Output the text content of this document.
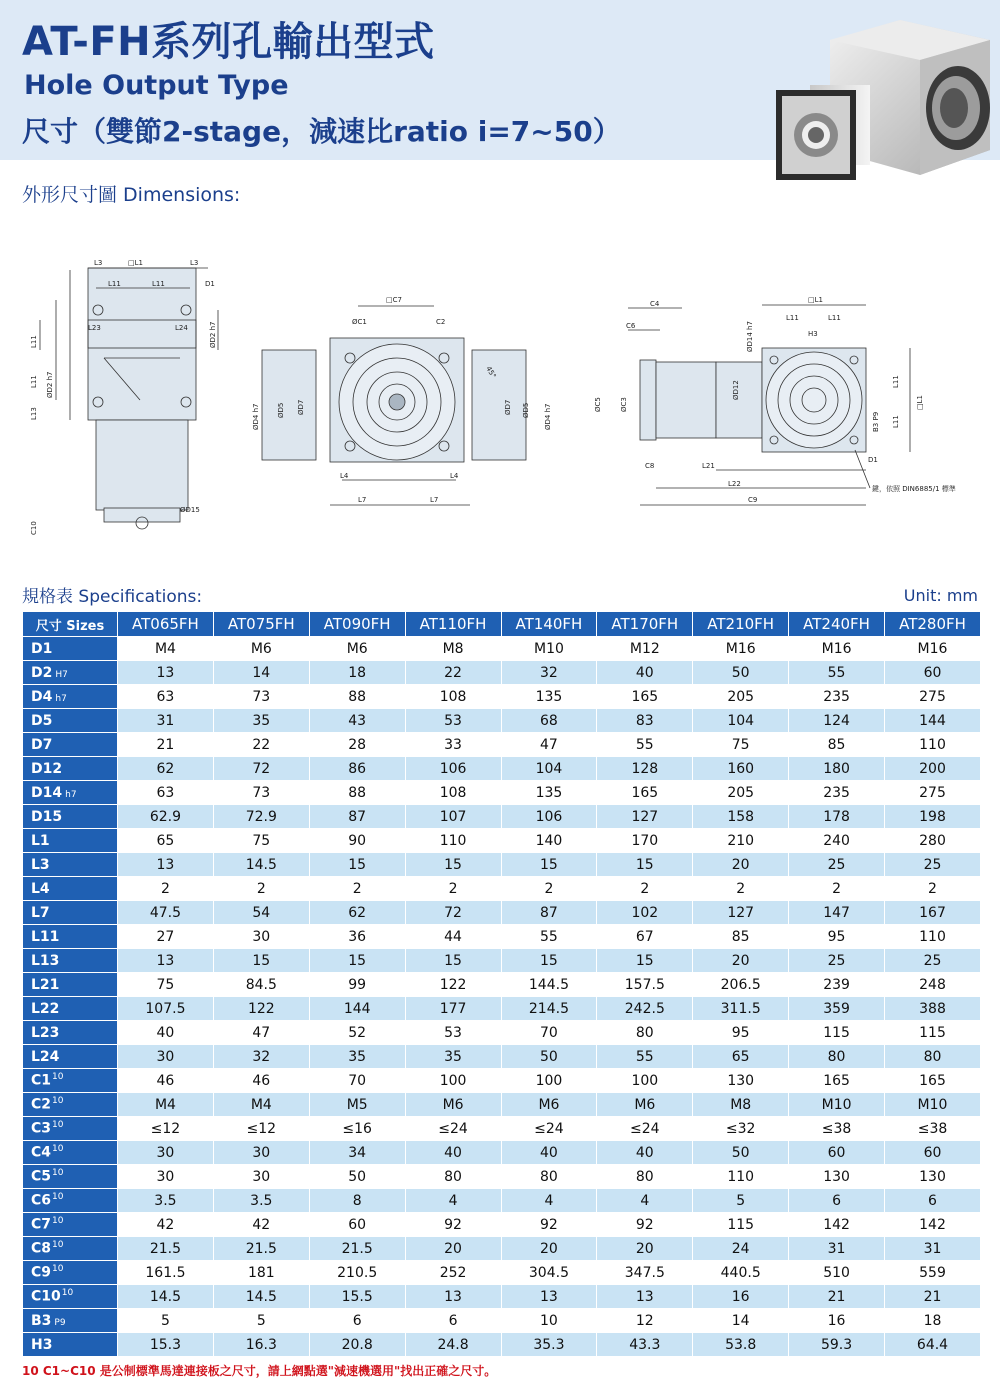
AT-FH系列孔輸出型式
Hole Output Type
尺寸（雙節2-stage，減速比ratio i=7~50）
外形尺寸圖 Dimensions:
L3	□L1	L3
L11	L11	D1
L23	L24	ØD2 h7
L11
L11 ØD2 h7
L13
ØD15
C10
□C7
ØC1	C2
45°
ØD4 h7 ØD5 ØD7	ØD7 ØD5 ØD4 h7
L4	L4
L7	L7
C4
C6
ØC5	ØC3
ØD14 h7
ØD12
□L1
L11	L11
H3
L11
L11
□L1
B3 P9
D1
C8	L21
L22
C9
鍵，依照 DIN6885/1 標準
規格表 Specifications:	Unit: mm
尺寸 Sizes	AT065FH	AT075FH	AT090FH	AT110FH	AT140FH	AT170FH	AT210FH	AT240FH	AT280FH
D1	M4	M6	M6	M8	M10	M12	M16	M16	M16
D2 H7	13	14	18	22	32	40	50	55	60
D4 h7	63	73	88	108	135	165	205	235	275
D5	31	35	43	53	68	83	104	124	144
D7	21	22	28	33	47	55	75	85	110
D12	62	72	86	106	104	128	160	180	200
D14 h7	63	73	88	108	135	165	205	235	275
D15	62.9	72.9	87	107	106	127	158	178	198
L1	65	75	90	110	140	170	210	240	280
L3	13	14.5	15	15	15	15	20	25	25
L4	2	2	2	2	2	2	2	2	2
L7	47.5	54	62	72	87	102	127	147	167
L11	27	30	36	44	55	67	85	95	110
L13	13	15	15	15	15	15	20	25	25
L21	75	84.5	99	122	144.5	157.5	206.5	239	248
L22	107.5	122	144	177	214.5	242.5	311.5	359	388
L23	40	47	52	53	70	80	95	115	115
L24	30	32	35	35	50	55	65	80	80
$C1^{10}$	46	46	70	100	100	100	130	165	165
$C2^{10}$	M4	M4	M5	M6	M6	M6	M8	M10	M10
$C3^{10}$	≤12	≤12	≤16	≤24	≤24	≤24	≤32	≤38	≤38
$C4^{10}$	30	30	34	40	40	40	50	60	60
$C5^{10}$	30	30	50	80	80	80	110	130	130
$C6^{10}$	3.5	3.5	8	4	4	4	5	6	6
$C7^{10}$	42	42	60	92	92	92	115	142	142
$C8^{10}$	21.5	21.5	21.5	20	20	20	24	31	31
$C9^{10}$	161.5	181	210.5	252	304.5	347.5	440.5	510	559
$C10^{10}$	14.5	14.5	15.5	13	13	13	16	21	21
B3 P9	5	5	6	6	10	12	14	16	18
H3	15.3	16.3	20.8	24.8	35.3	43.3	53.8	59.3	64.4
10 C1~C10 是公制標準馬達連接板之尺寸，請上網點選"減速機選用"找出正確之尺寸。
